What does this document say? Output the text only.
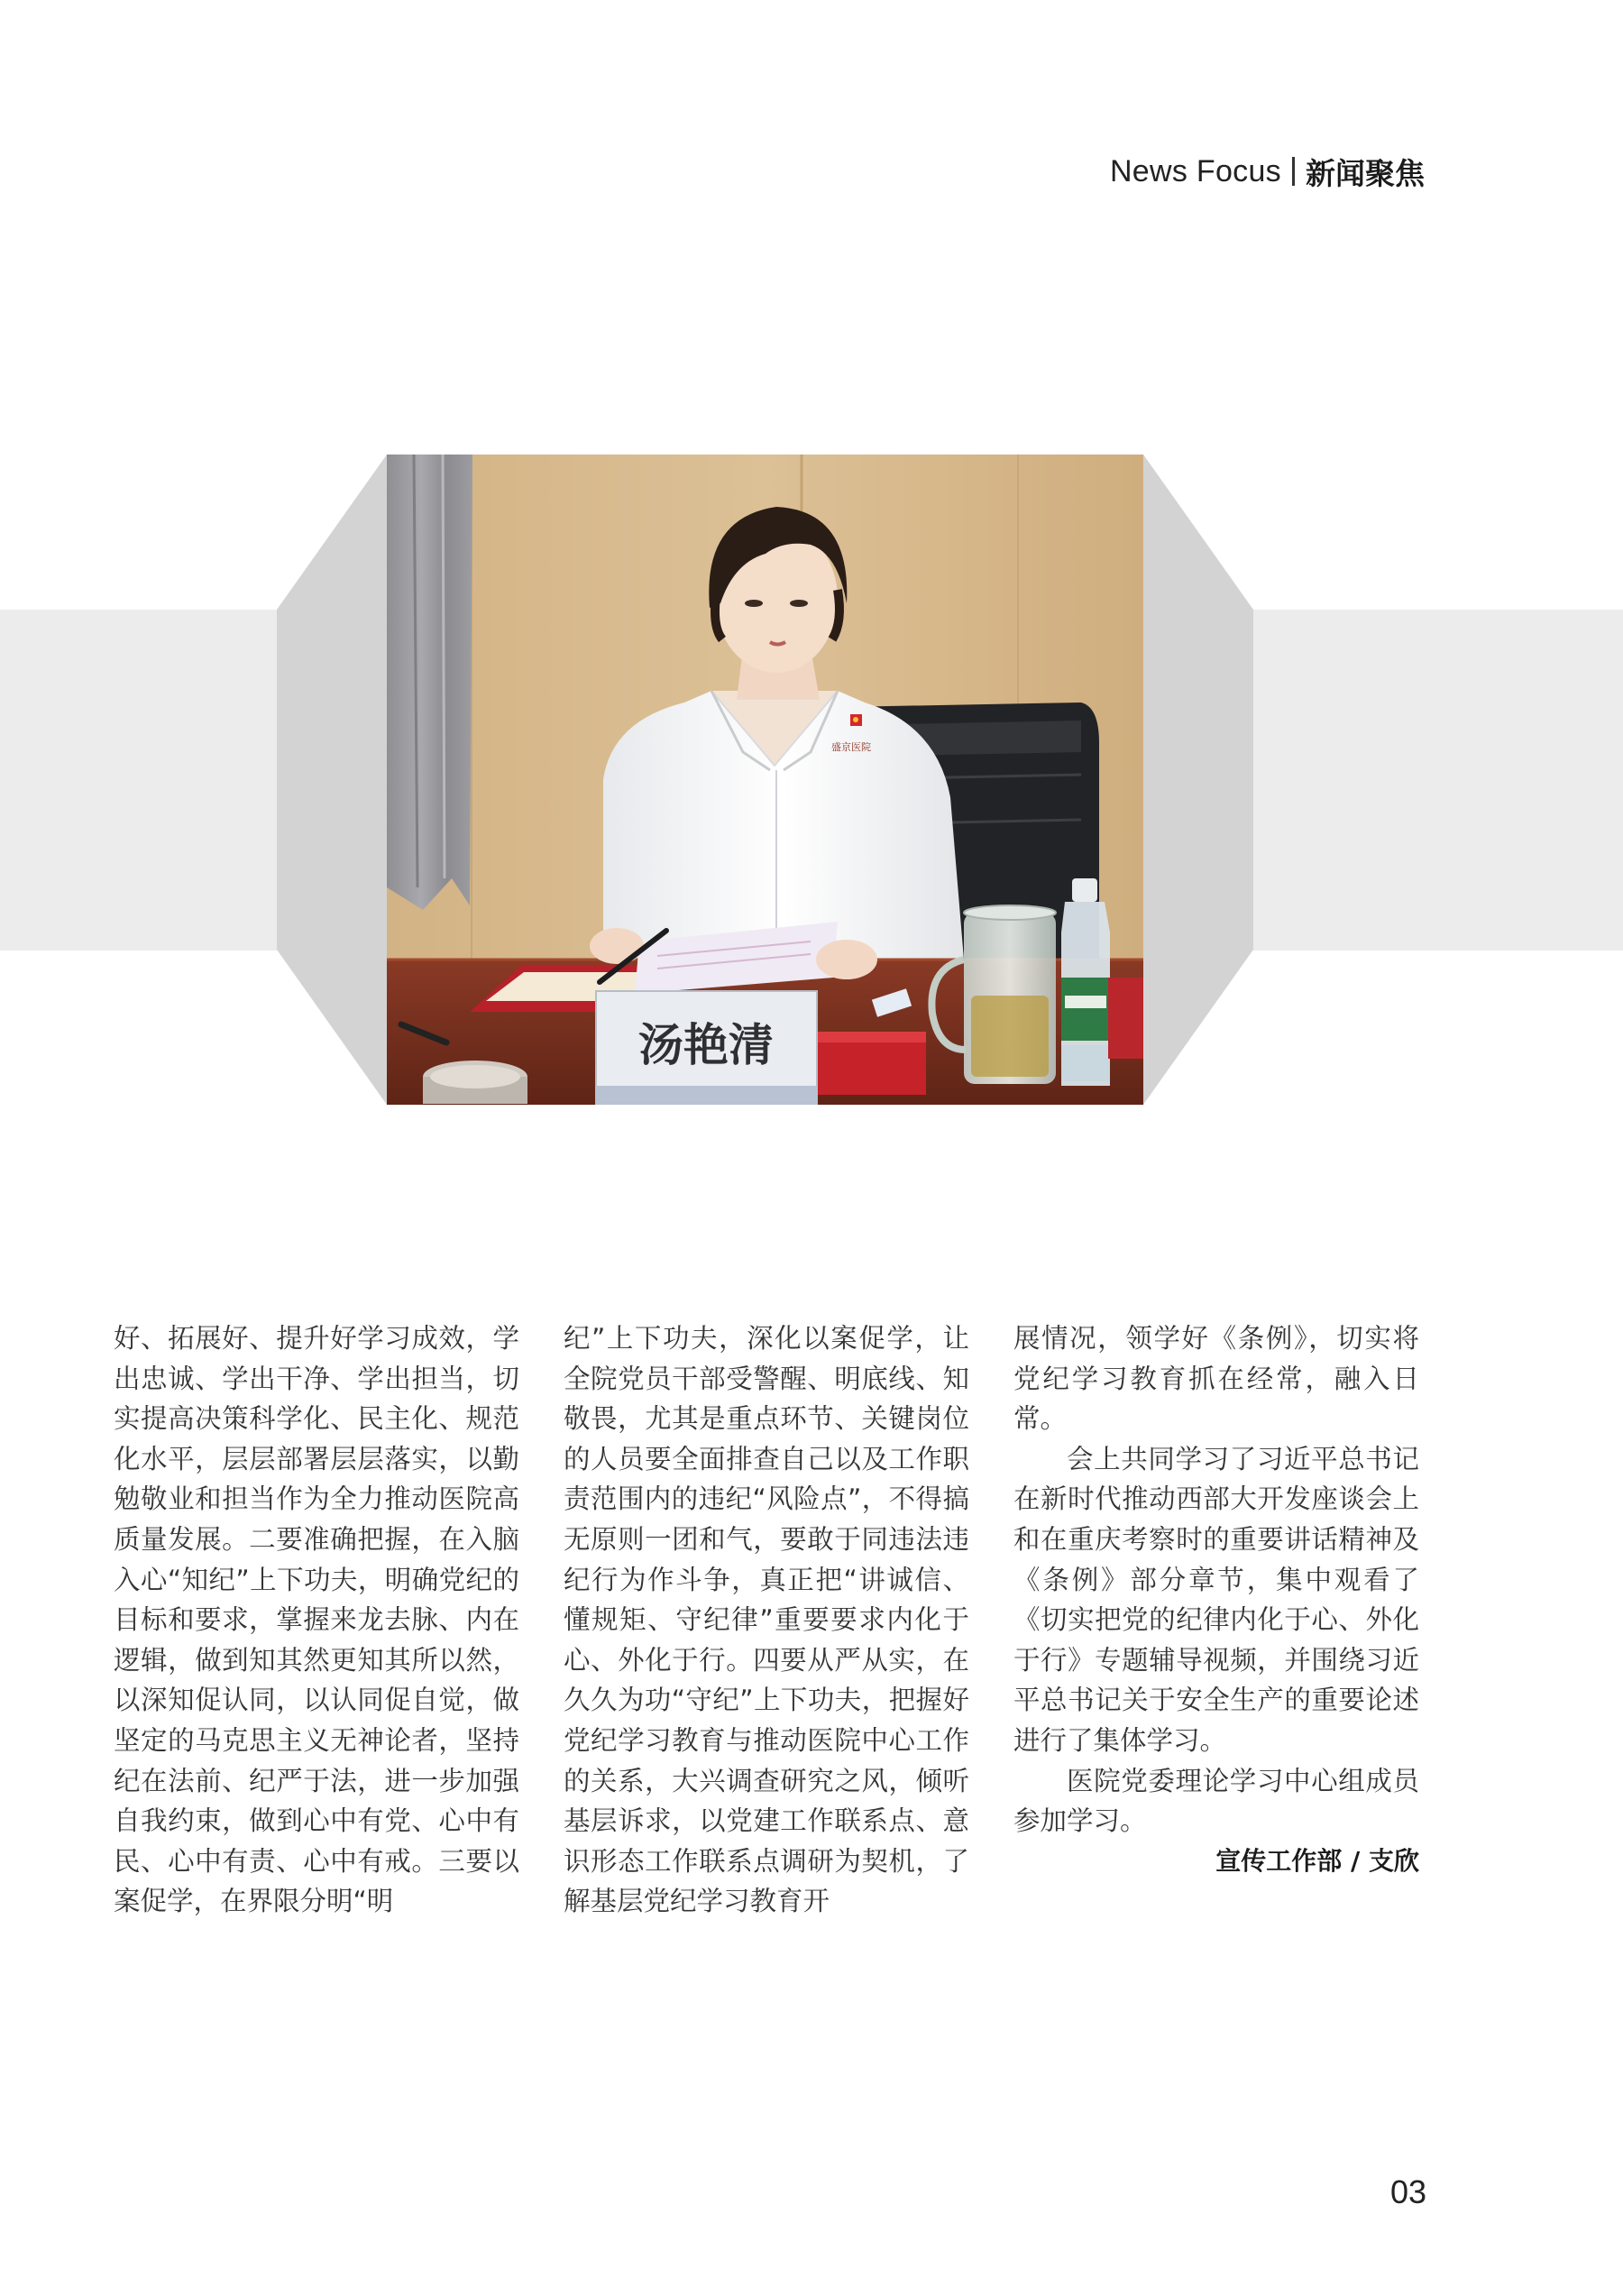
News Focus 新闻聚焦
盛京医院
汤艳清

好、拓展好、提升好学习成效，学出忠诚、学出干净、学出担当，切实提高决策科学化、民主化、规范化水平，层层部署层层落实，以勤勉敬业和担当作为全力推动医院高质量发展。二要准确把握，在入脑入心“知纪”上下功夫，明确党纪的目标和要求，掌握来龙去脉、内在逻辑，做到知其然更知其所以然，以深知促认同，以认同促自觉，做坚定的马克思主义无神论者，坚持纪在法前、纪严于法，进一步加强自我约束，做到心中有党、心中有民、心中有责、心中有戒。三要以案促学，在界限分明“明

纪”上下功夫，深化以案促学，让全院党员干部受警醒、明底线、知敬畏，尤其是重点环节、关键岗位的人员要全面排查自己以及工作职责范围内的违纪“风险点”，不得搞无原则一团和气，要敢于同违法违纪行为作斗争，真正把“讲诚信、懂规矩、守纪律”重要要求内化于心、外化于行。四要从严从实，在久久为功“守纪”上下功夫，把握好党纪学习教育与推动医院中心工作的关系，大兴调查研究之风，倾听基层诉求，以党建工作联系点、意识形态工作联系点调研为契机，了解基层党纪学习教育开

展情况，领学好《条例》，切实将党纪学习教育抓在经常，融入日常。

会上共同学习了习近平总书记在新时代推动西部大开发座谈会上和在重庆考察时的重要讲话精神及《条例》部分章节，集中观看了《切实把党的纪律内化于心、外化于行》专题辅导视频，并围绕习近平总书记关于安全生产的重要论述进行了集体学习。

医院党委理论学习中心组成员参加学习。

宣传工作部 / 支欣

03
